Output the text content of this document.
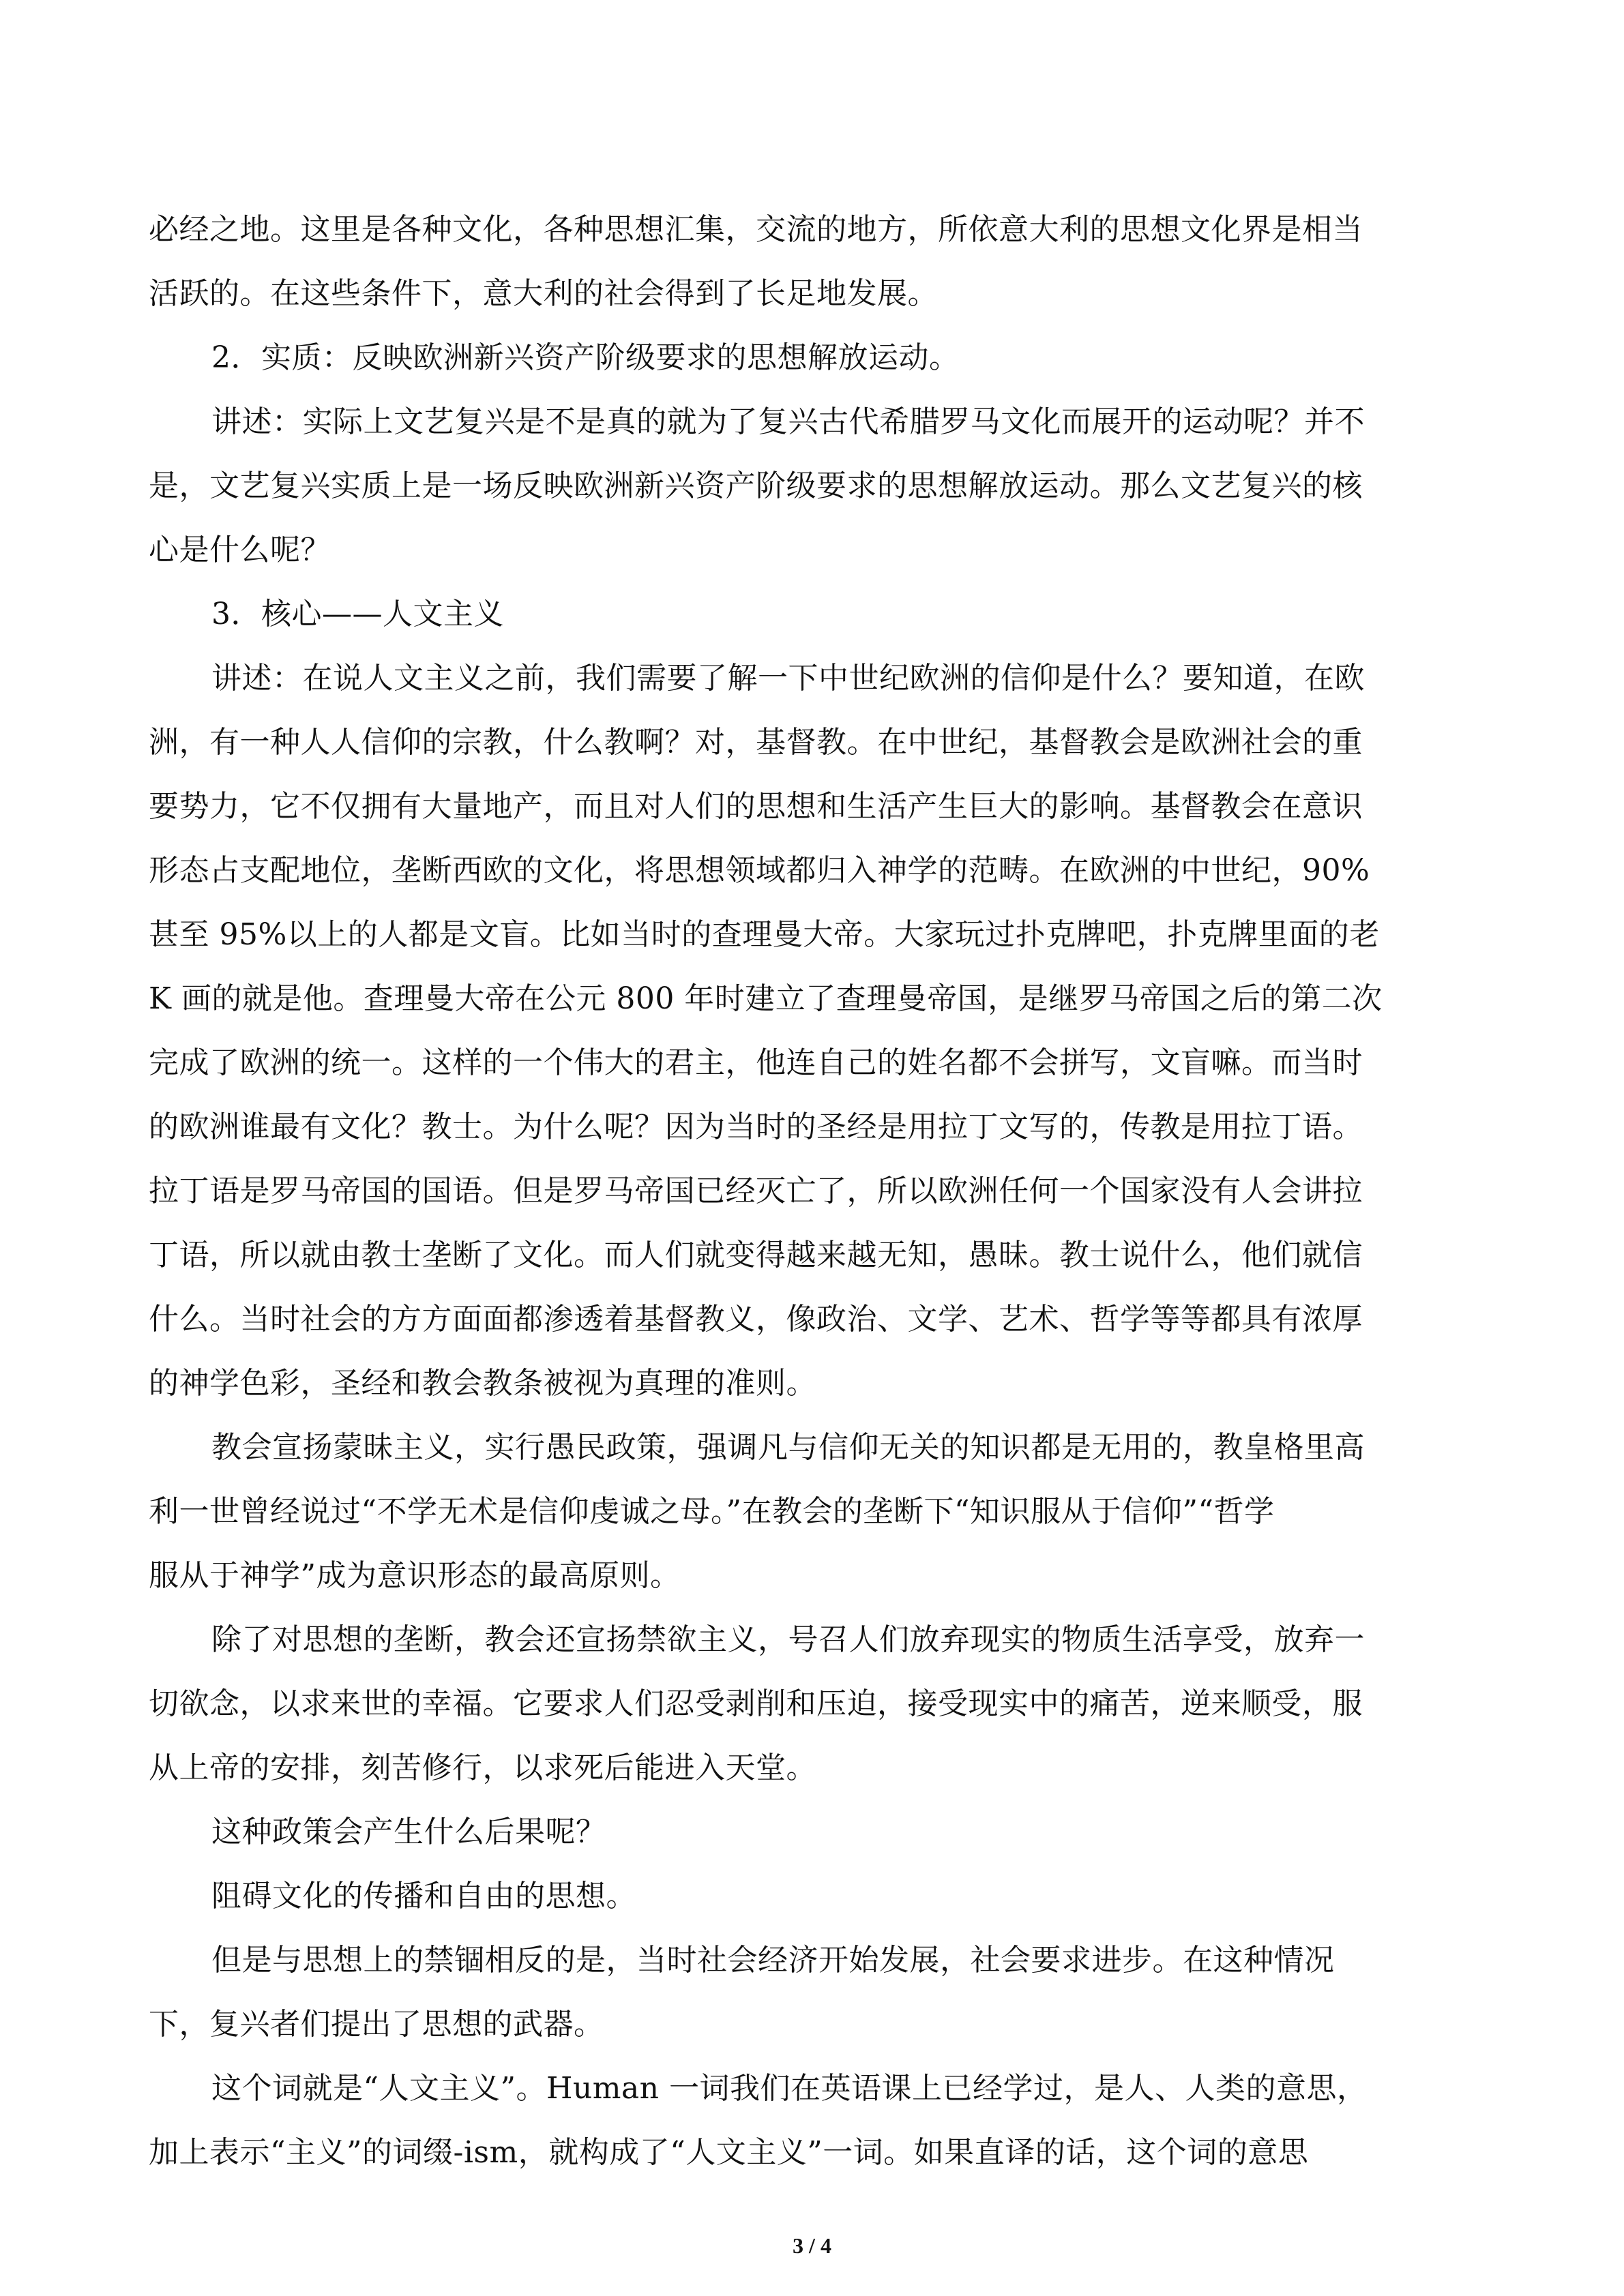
必经之地。这里是各种文化，各种思想汇集，交流的地方，所依意大利的思想文化界是相当
活跃的。在这些条件下，意大利的社会得到了长足地发展。
2．实质：反映欧洲新兴资产阶级要求的思想解放运动。
讲述：实际上文艺复兴是不是真的就为了复兴古代希腊罗马文化而展开的运动呢？并不
是，文艺复兴实质上是一场反映欧洲新兴资产阶级要求的思想解放运动。那么文艺复兴的核
心是什么呢？
3．核心——人文主义
讲述：在说人文主义之前，我们需要了解一下中世纪欧洲的信仰是什么？要知道，在欧
洲，有一种人人信仰的宗教，什么教啊？对，基督教。在中世纪，基督教会是欧洲社会的重
要势力，它不仅拥有大量地产，而且对人们的思想和生活产生巨大的影响。基督教会在意识
形态占支配地位，垄断西欧的文化，将思想领域都归入神学的范畴。在欧洲的中世纪，90%
甚至 95%以上的人都是文盲。比如当时的查理曼大帝。大家玩过扑克牌吧，扑克牌里面的老
K 画的就是他。查理曼大帝在公元 800 年时建立了查理曼帝国，是继罗马帝国之后的第二次
完成了欧洲的统一。这样的一个伟大的君主，他连自己的姓名都不会拼写，文盲嘛。而当时
的欧洲谁最有文化？教士。为什么呢？因为当时的圣经是用拉丁文写的，传教是用拉丁语。
拉丁语是罗马帝国的国语。但是罗马帝国已经灭亡了，所以欧洲任何一个国家没有人会讲拉
丁语，所以就由教士垄断了文化。而人们就变得越来越无知，愚昧。教士说什么，他们就信
什么。当时社会的方方面面都渗透着基督教义，像政治、文学、艺术、哲学等等都具有浓厚
的神学色彩，圣经和教会教条被视为真理的准则。
教会宣扬蒙昧主义，实行愚民政策，强调凡与信仰无关的知识都是无用的，教皇格里高
利一世曾经说过“不学无术是信仰虔诚之母。”在教会的垄断下“知识服从于信仰”“哲学
服从于神学”成为意识形态的最高原则。
除了对思想的垄断，教会还宣扬禁欲主义，号召人们放弃现实的物质生活享受，放弃一
切欲念，以求来世的幸福。它要求人们忍受剥削和压迫，接受现实中的痛苦，逆来顺受，服
从上帝的安排，刻苦修行，以求死后能进入天堂。
这种政策会产生什么后果呢？
阻碍文化的传播和自由的思想。
但是与思想上的禁锢相反的是，当时社会经济开始发展，社会要求进步。在这种情况
下，复兴者们提出了思想的武器。
这个词就是“人文主义”。Human 一词我们在英语课上已经学过，是人、人类的意思，
加上表示“主义”的词缀-ism，就构成了“人文主义”一词。如果直译的话，这个词的意思
3 / 4
